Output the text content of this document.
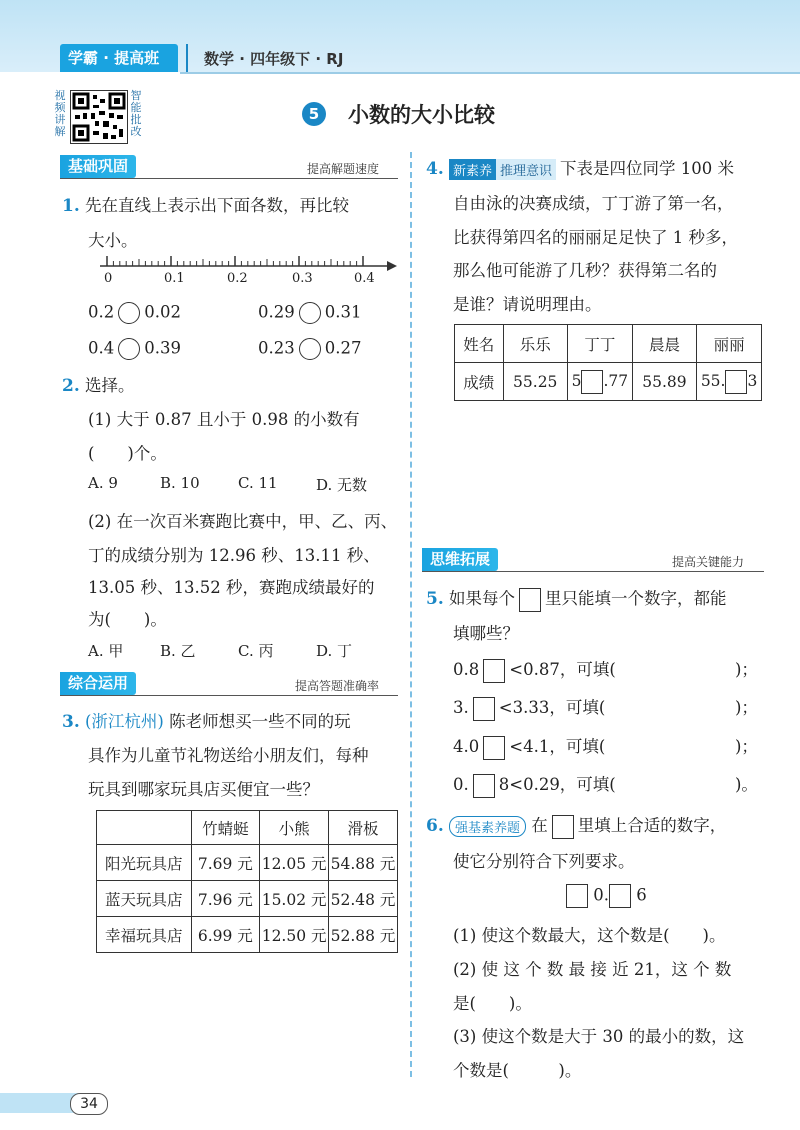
学霸 · 提高班	数学 · 四年级下 · RJ
视频讲解
智能批改
5	小数的大小比较
基础巩固	提高解题速度
1. 先在直线上表示出下面各数，再比较
大小。
0	0.1	0.2	0.3	0.4
0.2 0.02	0.29 0.31
0.4 0.39	0.23 0.27
2. 选择。
(1) 大于 0.87 且小于 0.98 的小数有
(　　)个。
A. 9	B. 10	C. 11	D. 无数
(2) 在一次百米赛跑比赛中，甲、乙、丙、
丁的成绩分别为 12.96 秒、13.11 秒、
13.05 秒、13.52 秒，赛跑成绩最好的
为(　　)。
A. 甲 B. 乙	C. 丙	D. 丁
综合运用	提高答题准确率
3. (浙江杭州) 陈老师想买一些不同的玩
具作为儿童节礼物送给小朋友们，每种
玩具到哪家玩具店买便宜一些？
	竹蜻蜓	小熊	滑板
阳光玩具店	7.69 元	12.05 元	54.88 元
蓝天玩具店	7.96 元	15.02 元	52.48 元
幸福玩具店	6.99 元	12.50 元	52.88 元
4. 新素养 推理意识 下表是四位同学 100 米
自由泳的决赛成绩，丁丁游了第一名，
比获得第四名的丽丽足足快了 1 秒多，
那么他可能游了几秒？获得第二名的
是谁？请说明理由。
姓名	乐乐	丁丁	晨晨	丽丽
成绩	55.25	5 .77	55.89	55. 3
思维拓展	提高关键能力
5. 如果每个 里只能填一个数字，都能
填哪些？
0.8 <0.87，可填(	)；
3. <3.33，可填(	)；
4.0 <4.1，可填(	)；
0. 8<0.29，可填(	)。
6. 强基素养题 在 里填上合适的数字，
使它分别符合下列要求。
0. 6
(1) 使这个数最大，这个数是(　　)。
(2) 使 这 个 数 最 接 近 21，这 个 数
是(　　)。
(3) 使这个数是大于 30 的最小的数，这
个数是(　　　)。
34
